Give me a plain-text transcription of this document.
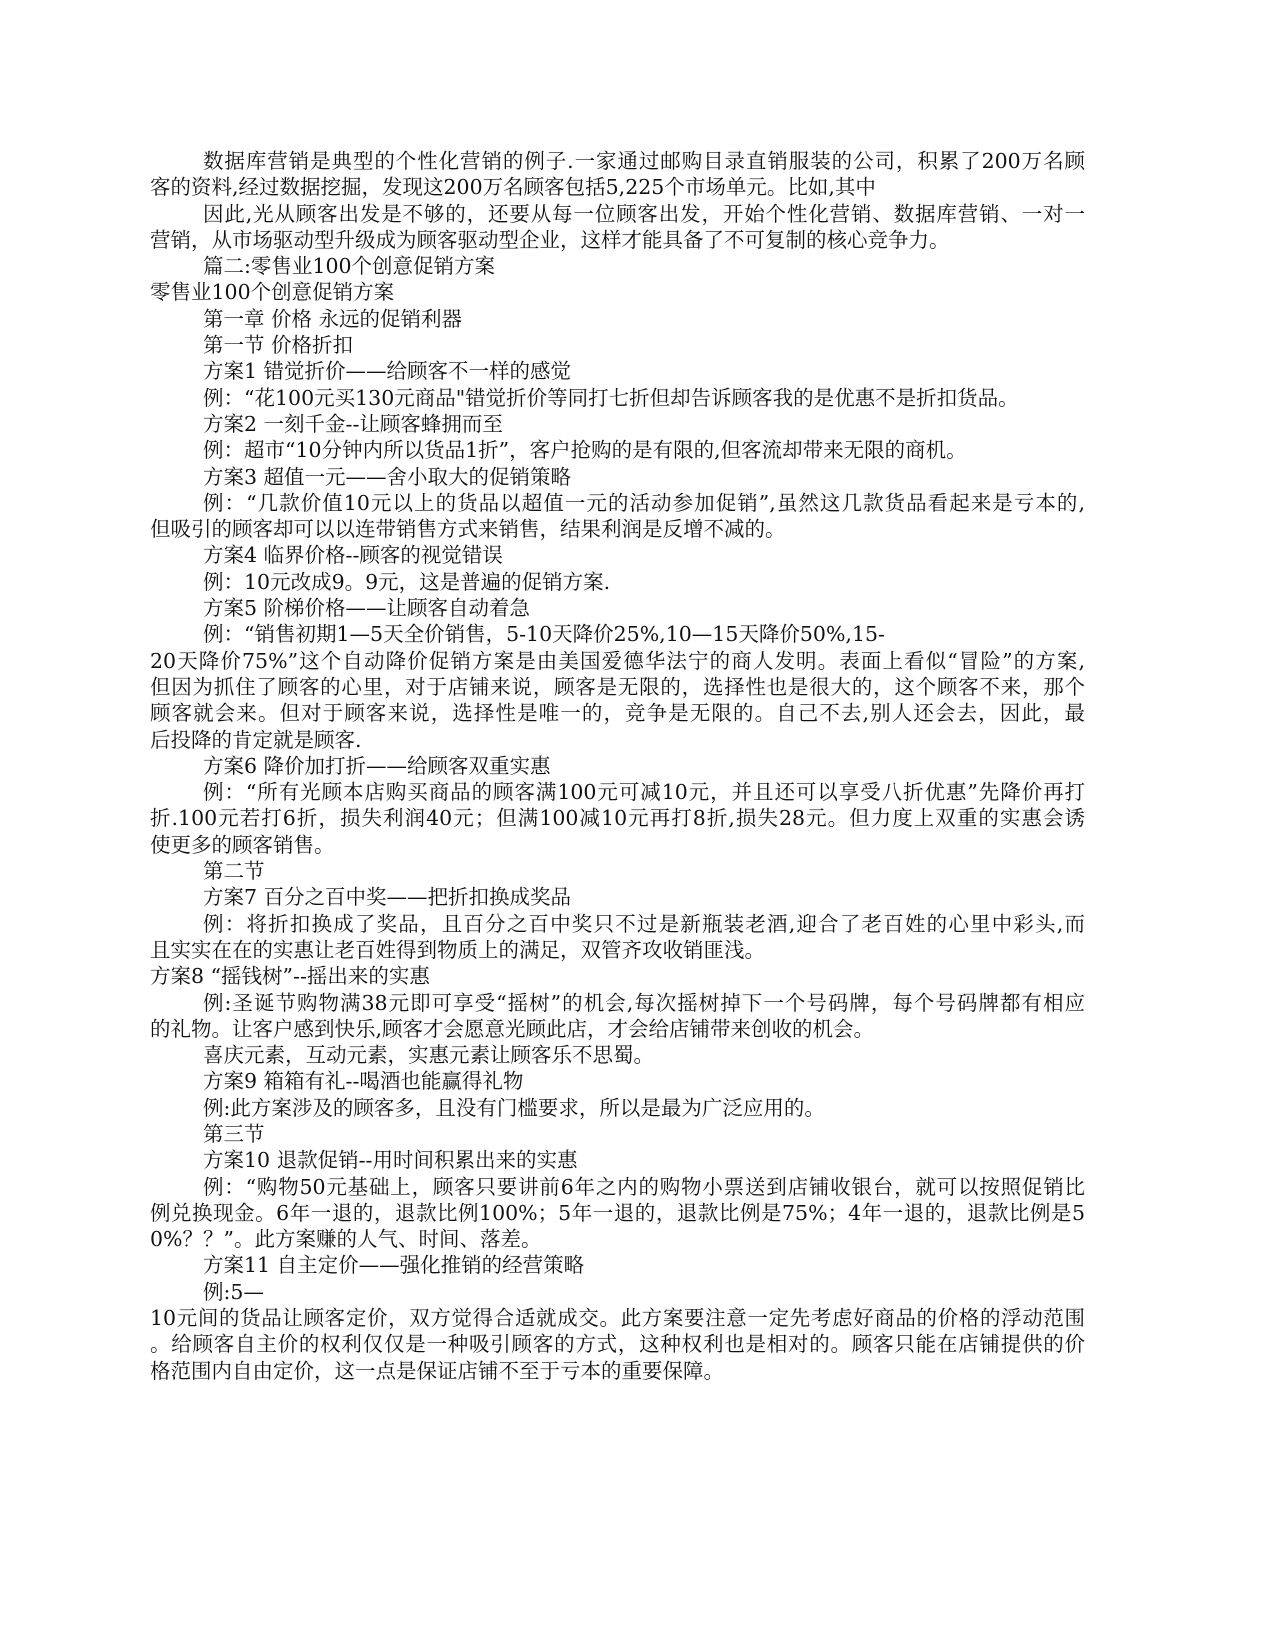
数据库营销是典型的个性化营销的例子.一家通过邮购目录直销服装的公司，积累了200万名顾
客的资料,经过数据挖掘，发现这200万名顾客包括5,225个市场单元。比如,其中
因此,光从顾客出发是不够的，还要从每一位顾客出发，开始个性化营销、数据库营销、一对一
营销，从市场驱动型升级成为顾客驱动型企业，这样才能具备了不可复制的核心竞争力。
篇二:零售业100个创意促销方案
零售业100个创意促销方案
第一章 价格 永远的促销利器
第一节 价格折扣
方案1 错觉折价——给顾客不一样的感觉
例：“花100元买130元商品"错觉折价等同打七折但却告诉顾客我的是优惠不是折扣货品。
方案2 一刻千金--让顾客蜂拥而至
例：超市“10分钟内所以货品1折”，客户抢购的是有限的,但客流却带来无限的商机。
方案3 超值一元——舍小取大的促销策略
例：“几款价值10元以上的货品以超值一元的活动参加促销”,虽然这几款货品看起来是亏本的,
但吸引的顾客却可以以连带销售方式来销售，结果利润是反增不减的。
方案4 临界价格--顾客的视觉错误
例：10元改成9。9元，这是普遍的促销方案.
方案5 阶梯价格——让顾客自动着急
例：“销售初期1—5天全价销售，5-10天降价25%,10—15天降价50%,15-
20天降价75%”这个自动降价促销方案是由美国爱德华法宁的商人发明。表面上看似“冒险”的方案,
但因为抓住了顾客的心里，对于店铺来说，顾客是无限的，选择性也是很大的，这个顾客不来，那个
顾客就会来。但对于顾客来说，选择性是唯一的，竞争是无限的。自己不去,别人还会去，因此，最
后投降的肯定就是顾客.
方案6 降价加打折——给顾客双重实惠
例：“所有光顾本店购买商品的顾客满100元可减10元，并且还可以享受八折优惠”先降价再打
折.100元若打6折，损失利润40元；但满100减10元再打8折,损失28元。但力度上双重的实惠会诱
使更多的顾客销售。
第二节
方案7 百分之百中奖——把折扣换成奖品
例：将折扣换成了奖品，且百分之百中奖只不过是新瓶装老酒,迎合了老百姓的心里中彩头,而
且实实在在的实惠让老百姓得到物质上的满足，双管齐攻收销匪浅。
方案8 “摇钱树”--摇出来的实惠
例:圣诞节购物满38元即可享受“摇树”的机会,每次摇树掉下一个号码牌，每个号码牌都有相应
的礼物。让客户感到快乐,顾客才会愿意光顾此店，才会给店铺带来创收的机会。
喜庆元素，互动元素，实惠元素让顾客乐不思蜀。
方案9 箱箱有礼--喝酒也能赢得礼物
例:此方案涉及的顾客多，且没有门槛要求，所以是最为广泛应用的。
第三节
方案10 退款促销--用时间积累出来的实惠
例：“购物50元基础上，顾客只要讲前6年之内的购物小票送到店铺收银台，就可以按照促销比
例兑换现金。6年一退的，退款比例100%；5年一退的，退款比例是75%；4年一退的，退款比例是5
0%？？”。此方案赚的人气、时间、落差。
方案11 自主定价——强化推销的经营策略
例:5—
10元间的货品让顾客定价，双方觉得合适就成交。此方案要注意一定先考虑好商品的价格的浮动范围
。给顾客自主价的权利仅仅是一种吸引顾客的方式，这种权利也是相对的。顾客只能在店铺提供的价
格范围内自由定价，这一点是保证店铺不至于亏本的重要保障。
